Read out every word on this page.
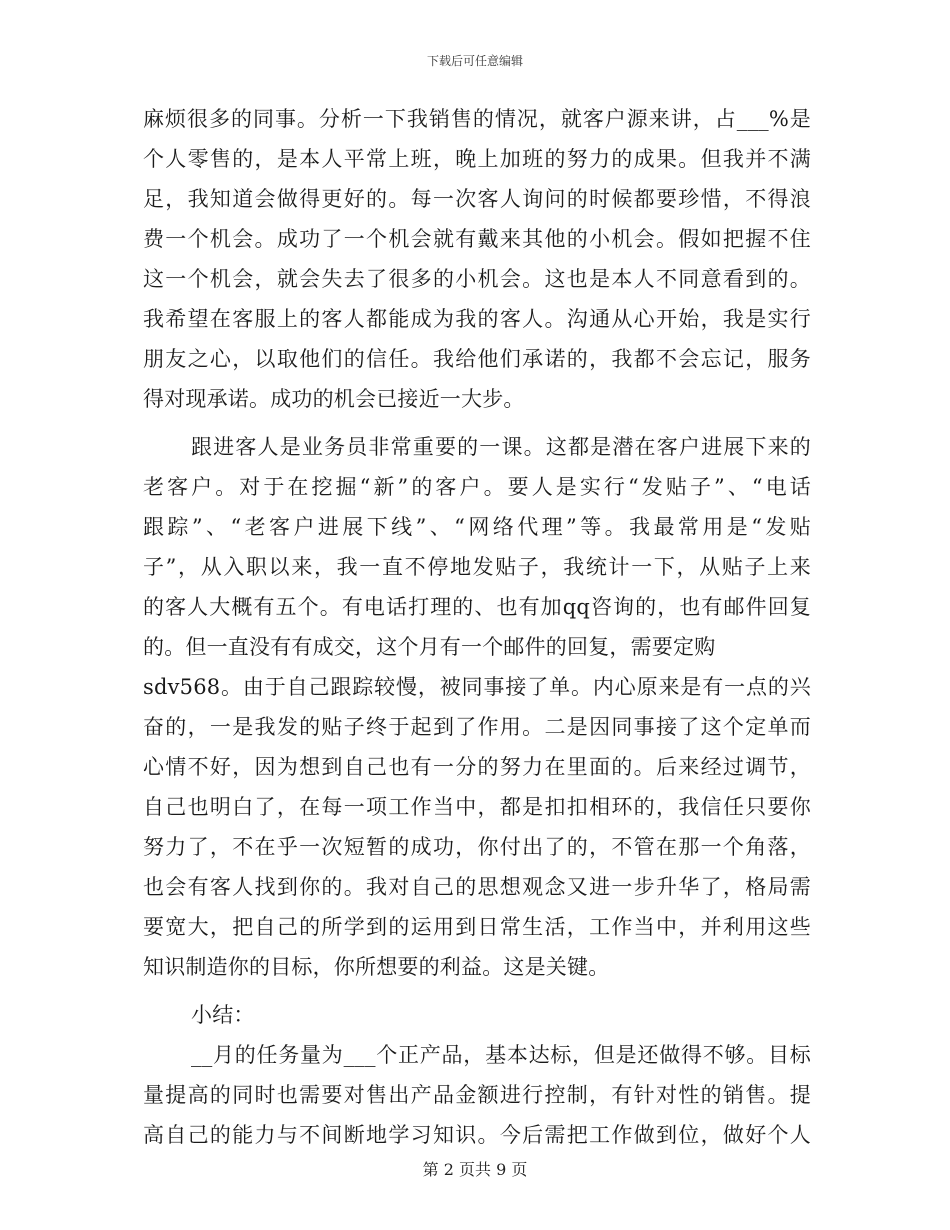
下载后可任意编辑
麻烦很多的同事。分析一下我销售的情况，就客户源来讲，占___%是
个人零售的，是本人平常上班，晚上加班的努力的成果。但我并不满
足，我知道会做得更好的。每一次客人询问的时候都要珍惜，不得浪
费一个机会。成功了一个机会就有戴来其他的小机会。假如把握不住
这一个机会，就会失去了很多的小机会。这也是本人不同意看到的。
我希望在客服上的客人都能成为我的客人。沟通从心开始，我是实行
朋友之心，以取他们的信任。我给他们承诺的，我都不会忘记，服务
得对现承诺。成功的机会已接近一大步。
跟进客人是业务员非常重要的一课。这都是潜在客户进展下来的
老客户。对于在挖掘“新”的客户。要人是实行“发贴子”、“电话
跟踪”、“老客户进展下线”、“网络代理”等。我最常用是“发贴
子”，从入职以来，我一直不停地发贴子，我统计一下，从贴子上来
的客人大概有五个。有电话打理的、也有加qq咨询的，也有邮件回复
的。但一直没有有成交，这个月有一个邮件的回复，需要定购
sdv568。由于自己跟踪较慢，被同事接了单。内心原来是有一点的兴
奋的，一是我发的贴子终于起到了作用。二是因同事接了这个定单而
心情不好，因为想到自己也有一分的努力在里面的。后来经过调节，
自己也明白了，在每一项工作当中，都是扣扣相环的，我信任只要你
努力了，不在乎一次短暂的成功，你付出了的，不管在那一个角落，
也会有客人找到你的。我对自己的思想观念又进一步升华了，格局需
要宽大，把自己的所学到的运用到日常生活，工作当中，并利用这些
知识制造你的目标，你所想要的利益。这是关键。
小结：
__月的任务量为___个正产品，基本达标，但是还做得不够。目标
量提高的同时也需要对售出产品金额进行控制，有针对性的销售。提
高自己的能力与不间断地学习知识。今后需把工作做到位，做好个人
第 2 页共 9 页
